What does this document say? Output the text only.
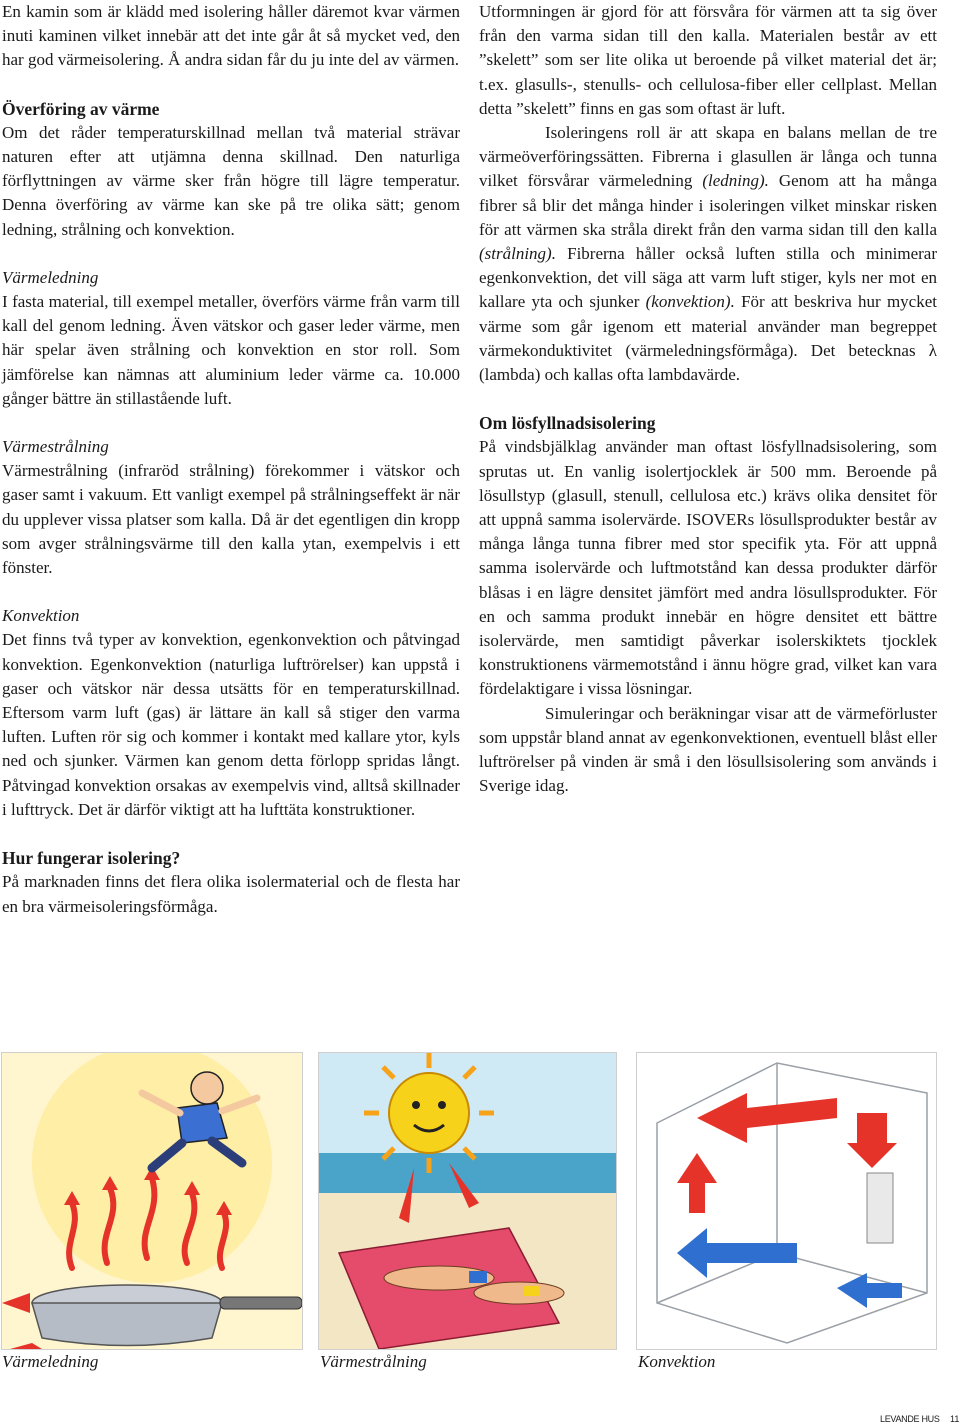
En kamin som är klädd med isolering håller däremot kvar värmen inuti kaminen vilket innebär att det inte går åt så mycket ved, den har god värmeisolering. Å andra sidan får du ju inte del av värmen.

Överföring av värme

Om det råder temperaturskillnad mellan två material strävar naturen efter att utjämna denna skillnad. Den naturliga förflyttningen av värme sker från högre till lägre temperatur. Denna överföring av värme kan ske på tre olika sätt; genom ledning, strålning och konvektion.

Värmeledning

I fasta material, till exempel metaller, överförs värme från varm till kall del genom ledning. Även vätskor och gaser leder värme, men här spelar även strålning och konvektion en stor roll. Som jämförelse kan nämnas att aluminium leder värme ca. 10.000 gånger bättre än stillastående luft.

Värmestrålning

Värmestrålning (infraröd strålning) förekommer i vätskor och gaser samt i vakuum. Ett vanligt exempel på strålningseffekt är när du upplever vissa platser som kalla. Då är det egentligen din kropp som avger strålningsvärme till den kalla ytan, exempelvis i ett fönster.

Konvektion

Det finns två typer av konvektion, egenkonvektion och påtvingad konvektion. Egenkonvektion (naturliga luftrörelser) kan uppstå i gaser och vätskor när dessa utsätts för en temperaturskillnad. Eftersom varm luft (gas) är lättare än kall så stiger den varma luften. Luften rör sig och kommer i kontakt med kallare ytor, kyls ned och sjunker. Värmen kan genom detta förlopp spridas långt. Påtvingad konvektion orsakas av exempelvis vind, alltså skillnader i lufttryck. Det är därför viktigt att ha lufttäta konstruktioner.

Hur fungerar isolering?

På marknaden finns det flera olika isolermaterial och de flesta har en bra värmeisoleringsförmåga.

Utformningen är gjord för att försvåra för värmen att ta sig över från den varma sidan till den kalla. Materialen består av ett ”skelett” som ser lite olika ut beroende på vilket material det är; t.ex. glasulls-, stenulls- och cellulosa-fiber eller cellplast. Mellan detta ”skelett” finns en gas som oftast är luft.

Isoleringens roll är att skapa en balans mellan de tre värmeöverföringssätten. Fibrerna i glasullen är långa och tunna vilket försvårar värmeledning (ledning). Genom att ha många fibrer så blir det många hinder i isoleringen vilket minskar risken för att värmen ska stråla direkt från den varma sidan till den kalla (strålning). Fibrerna håller också luften stilla och minimerar egenkonvektion, det vill säga att varm luft stiger, kyls ner mot en kallare yta och sjunker (konvektion). För att beskriva hur mycket värme som går igenom ett material använder man begreppet värmekonduktivitet (värmeledningsförmåga). Det betecknas λ (lambda) och kallas ofta lambdavärde.

Om lösfyllnadsisolering

På vindsbjälklag använder man oftast lösfyllnadsisolering, som sprutas ut. En vanlig isolertjocklek är 500 mm. Beroende på lösullstyp (glasull, stenull, cellulosa etc.) krävs olika densitet för att uppnå samma isolervärde. ISOVERs lösullsprodukter består av många långa tunna fibrer med stor specifik yta. För att uppnå samma isolervärde och luftmotstånd kan dessa produkter därför blåsas i en lägre densitet jämfört med andra lösullsprodukter. För en och samma produkt innebär en högre densitet ett bättre isolervärde, men samtidigt påverkar isolerskiktets tjocklek konstruktionens värmemotstånd i ännu högre grad, vilket kan vara fördelaktigare i vissa lösningar.

Simuleringar och beräkningar visar att de värmeförluster som uppstår bland annat av egenkonvektionen, eventuell blåst eller luftrörelser på vinden är små i den lösullsisolering som används i Sverige idag.

Värmeledning	Värmestrålning	Konvektion
LEVANDE HUS 11
